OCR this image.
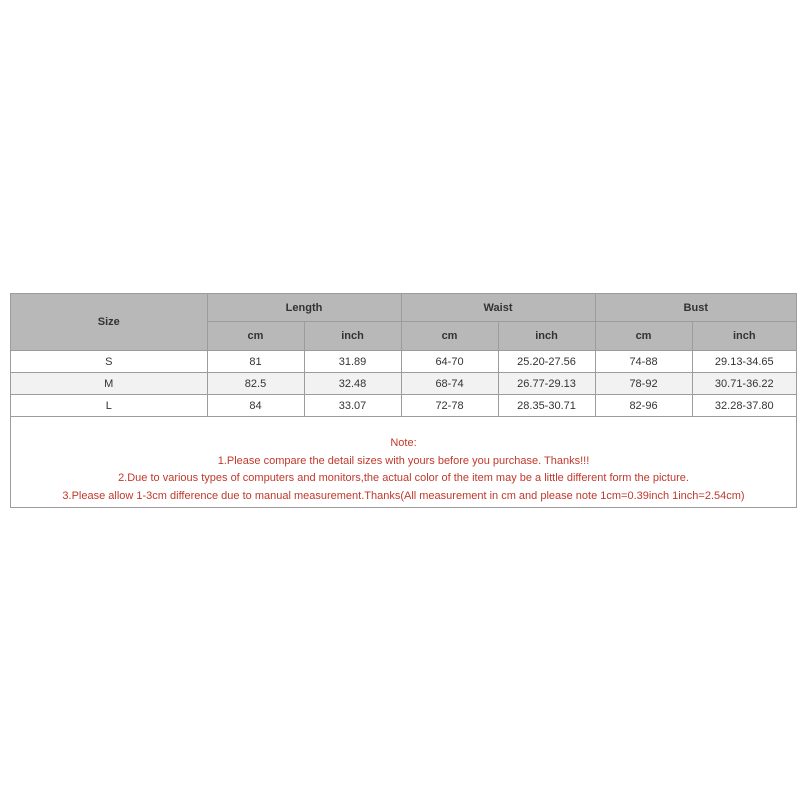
Size	Length		Waist		Bust	
	cm	inch	cm	inch	cm	inch
S	81	31.89	64-70	25.20-27.56	74-88	29.13-34.65
M	82.5	32.48	68-74	26.77-29.13	78-92	30.71-36.22
L	84	33.07	72-78	28.35-30.71	82-96	32.28-37.80
Note:
1.Please compare the detail sizes with yours before you purchase. Thanks!!!
2.Due to various types of computers and monitors,the actual color of the item may be a little different form the picture.
3.Please allow 1-3cm difference due to manual measurement.Thanks(All measurement in cm and please note 1cm=0.39inch 1inch=2.54cm)
